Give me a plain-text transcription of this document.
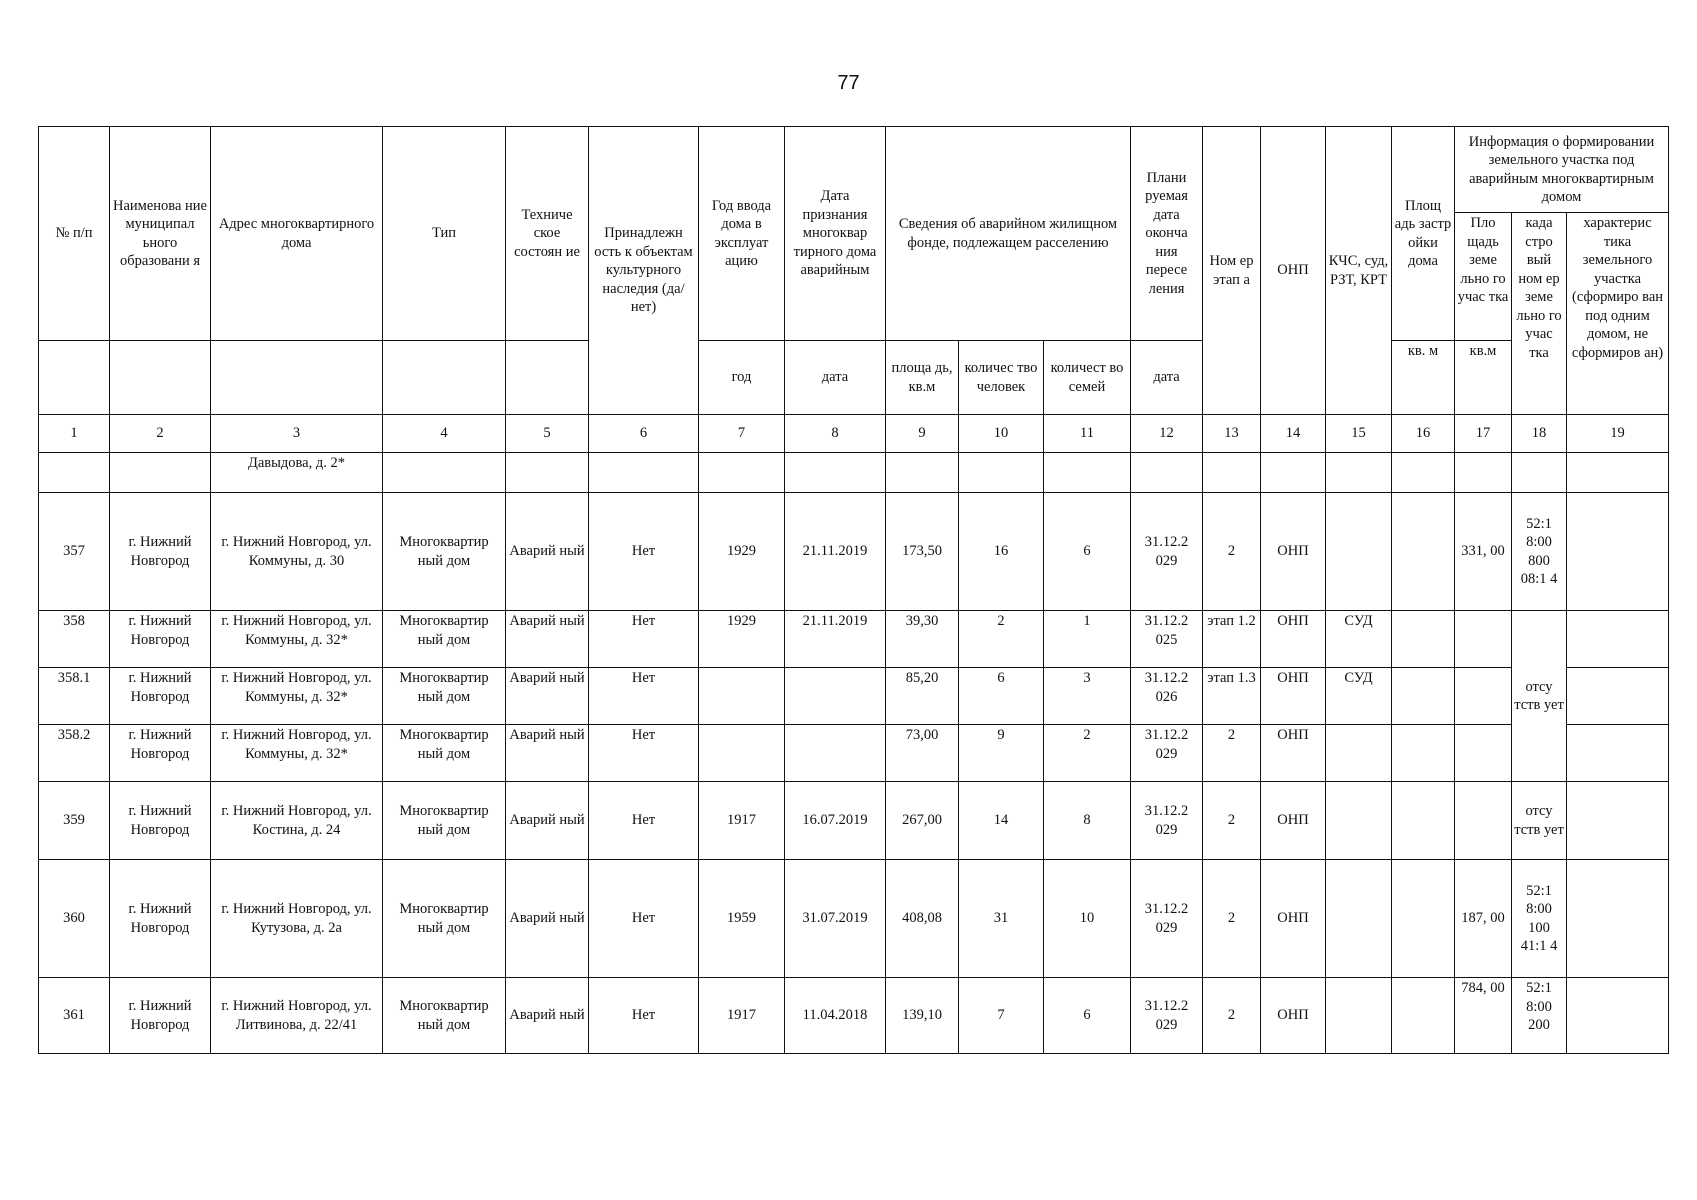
77
№ п/п	Наименова ние муниципал ьного образовани я	Адрес многоквартирного дома	Тип	Техниче ское состоян ие	Принадлежн ость к объектам культурного наследия (да/нет)	Год ввода дома в эксплуат ацию	Дата признания многоквар тирного дома аварийным	Сведения об аварийном жилищном фонде, подлежащем расселению			Плани руемая дата оконча ния пересе ления	Ном ер этап а	ОНП	КЧС, суд, РЗТ, КРТ	Площ адь застр ойки дома	Информация о формировании земельного участка под аварийным многоквартирным домом		
																Пло щадь земе льно го учас тка	када стро вый ном ер земе льно го учас тка	характерис тика земельного участка (сформиро ван под одним домом, не сформиров ан)
						год	дата	площа дь, кв.м	количес тво человек	количест во семей	дата				кв. м	кв.м		
1	2	3	4	5	6	7	8	9	10	11	12	13	14	15	16	17	18	19
		Давыдова, д. 2*																
357	г. Нижний Новгород	г. Нижний Новгород, ул. Коммуны, д. 30	Многоквартир ный дом	Аварий ный	Нет	1929	21.11.2019	173,50	16	6	31.12.2 029	2	ОНП			331, 00	52:1 8:00 800 08:1 4	
358	г. Нижний Новгород	г. Нижний Новгород, ул. Коммуны, д. 32*	Многоквартир ный дом	Аварий ный	Нет	1929	21.11.2019	39,30	2	1	31.12.2 025	этап 1.2	ОНП	СУД			отсу тств ует	
358.1	г. Нижний Новгород	г. Нижний Новгород, ул. Коммуны, д. 32*	Многоквартир ный дом	Аварий ный	Нет			85,20	6	3	31.12.2 026	этап 1.3	ОНП	СУД				
358.2	г. Нижний Новгород	г. Нижний Новгород, ул. Коммуны, д. 32*	Многоквартир ный дом	Аварий ный	Нет			73,00	9	2	31.12.2 029	2	ОНП					
359	г. Нижний Новгород	г. Нижний Новгород, ул. Костина, д. 24	Многоквартир ный дом	Аварий ный	Нет	1917	16.07.2019	267,00	14	8	31.12.2 029	2	ОНП				отсу тств ует	
360	г. Нижний Новгород	г. Нижний Новгород, ул. Кутузова, д. 2а	Многоквартир ный дом	Аварий ный	Нет	1959	31.07.2019	408,08	31	10	31.12.2 029	2	ОНП			187, 00	52:1 8:00 100 41:1 4	
361	г. Нижний Новгород	г. Нижний Новгород, ул. Литвинова, д. 22/41	Многоквартир ный дом	Аварий ный	Нет	1917	11.04.2018	139,10	7	6	31.12.2 029	2	ОНП			784, 00	52:1 8:00 200	
